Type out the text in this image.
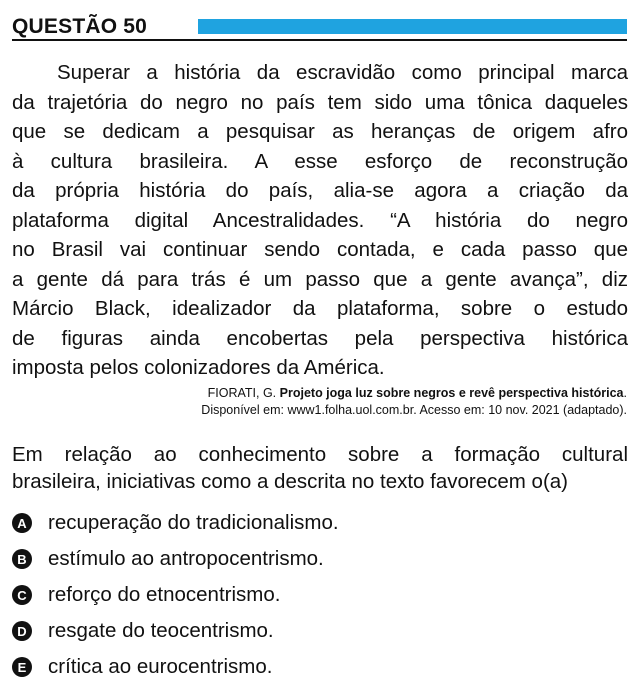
QUESTÃO 50
Superar a história da escravidão como principal marca
da trajetória do negro no país tem sido uma tônica daqueles
que se dedicam a pesquisar as heranças de origem afro
à cultura brasileira. A esse esforço de reconstrução
da própria história do país, alia-se agora a criação da
plataforma digital Ancestralidades. “A história do negro
no Brasil vai continuar sendo contada, e cada passo que
a gente dá para trás é um passo que a gente avança”, diz
Márcio Black, idealizador da plataforma, sobre o estudo
de figuras ainda encobertas pela perspectiva histórica
imposta pelos colonizadores da América.
FIORATI, G. Projeto joga luz sobre negros e revê perspectiva histórica.
Disponível em: www1.folha.uol.com.br. Acesso em: 10 nov. 2021 (adaptado).
Em relação ao conhecimento sobre a formação cultural
brasileira, iniciativas como a descrita no texto favorecem o(a)
A recuperação do tradicionalismo.
B estímulo ao antropocentrismo.
C reforço do etnocentrismo.
D resgate do teocentrismo.
E crítica ao eurocentrismo.
